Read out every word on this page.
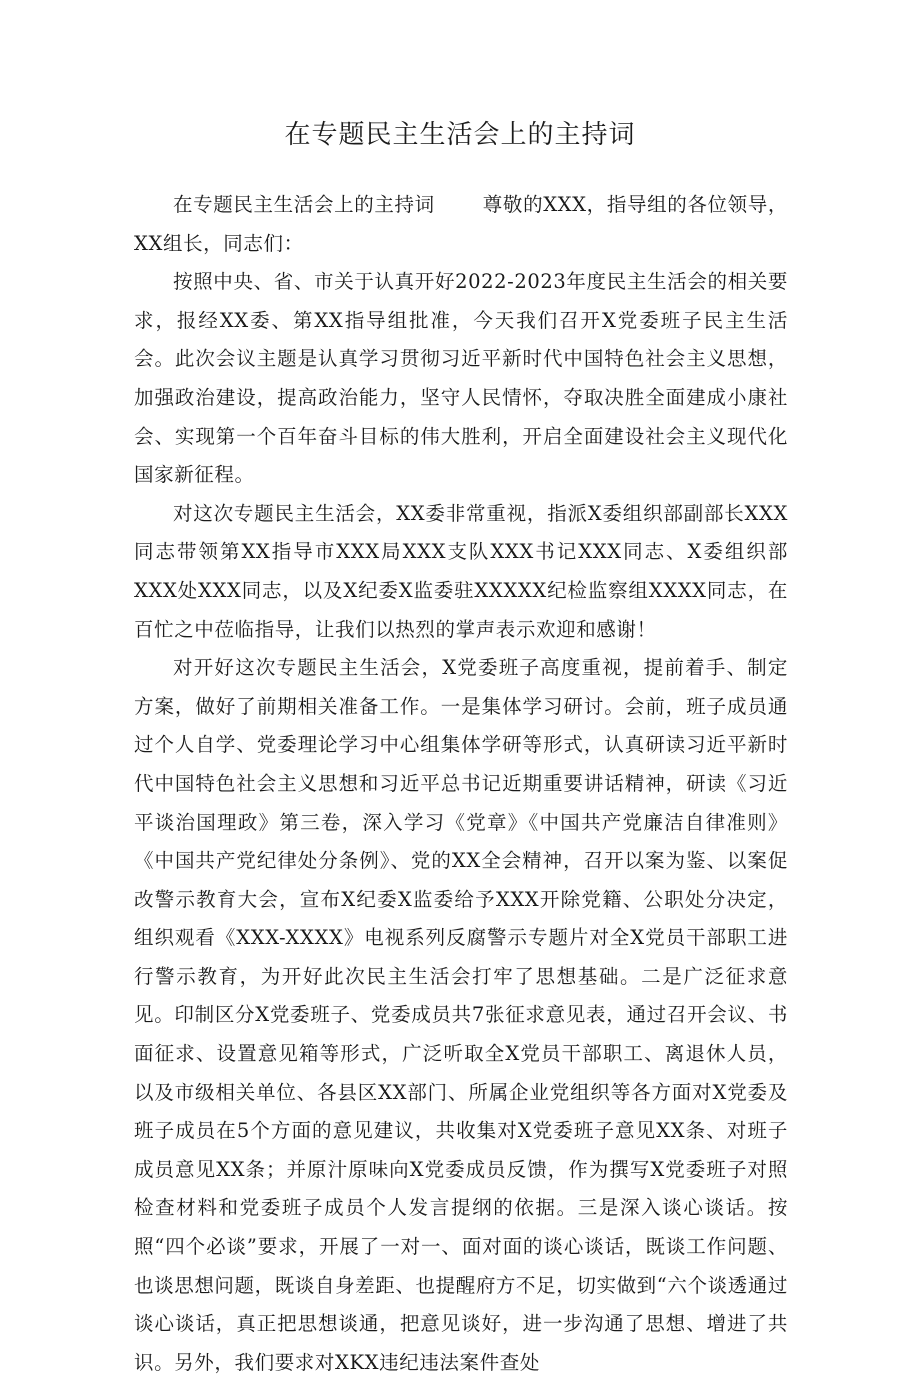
在专题民主生活会上的主持词

在专题民主生活会上的主持词 尊敬的XXX，指导组的各位领导，XX组长，同志们：

按照中央、省、市关于认真开好2022-2023年度民主生活会的相关要求，报经XX委、第XX指导组批准，今天我们召开X党委班子民主生活会。此次会议主题是认真学习贯彻习近平新时代中国特色社会主义思想，加强政治建设，提高政治能力，坚守人民情怀，夺取决胜全面建成小康社会、实现第一个百年奋斗目标的伟大胜利，开启全面建设社会主义现代化国家新征程。

对这次专题民主生活会，XX委非常重视，指派X委组织部副部长XXX同志带领第XX指导市XXX局XXX支队XXX书记XXX同志、X委组织部XXX处XXX同志，以及X纪委X监委驻XXXXX纪检监察组XXXX同志，在百忙之中莅临指导，让我们以热烈的掌声表示欢迎和感谢！

对开好这次专题民主生活会，X党委班子高度重视，提前着手、制定方案，做好了前期相关准备工作。一是集体学习研讨。会前，班子成员通过个人自学、党委理论学习中心组集体学研等形式，认真研读习近平新时代中国特色社会主义思想和习近平总书记近期重要讲话精神，研读《习近平谈治国理政》第三卷，深入学习《党章》《中国共产党廉洁自律准则》《中国共产党纪律处分条例》、党的XX全会精神，召开以案为鉴、以案促改警示教育大会，宣布X纪委X监委给予XXX开除党籍、公职处分决定，组织观看《XXX-XXXX》电视系列反腐警示专题片对全X党员干部职工进行警示教育，为开好此次民主生活会打牢了思想基础。二是广泛征求意见。印制区分X党委班子、党委成员共7张征求意见表，通过召开会议、书面征求、设置意见箱等形式，广泛听取全X党员干部职工、离退休人员，以及市级相关单位、各县区XX部门、所属企业党组织等各方面对X党委及班子成员在5个方面的意见建议，共收集对X党委班子意见XX条、对班子成员意见XX条；并原汁原味向X党委成员反馈，作为撰写X党委班子对照检查材料和党委班子成员个人发言提纲的依据。三是深入谈心谈话。按照“四个必谈”要求，开展了一对一、面对面的谈心谈话，既谈工作问题、也谈思想问题，既谈自身差距、也提醒府方不足，切实做到“六个谈透通过谈心谈话，真正把思想谈通，把意见谈好，进一步沟通了思想、增进了共识。另外，我们要求对XKX违纪违法案件查处
